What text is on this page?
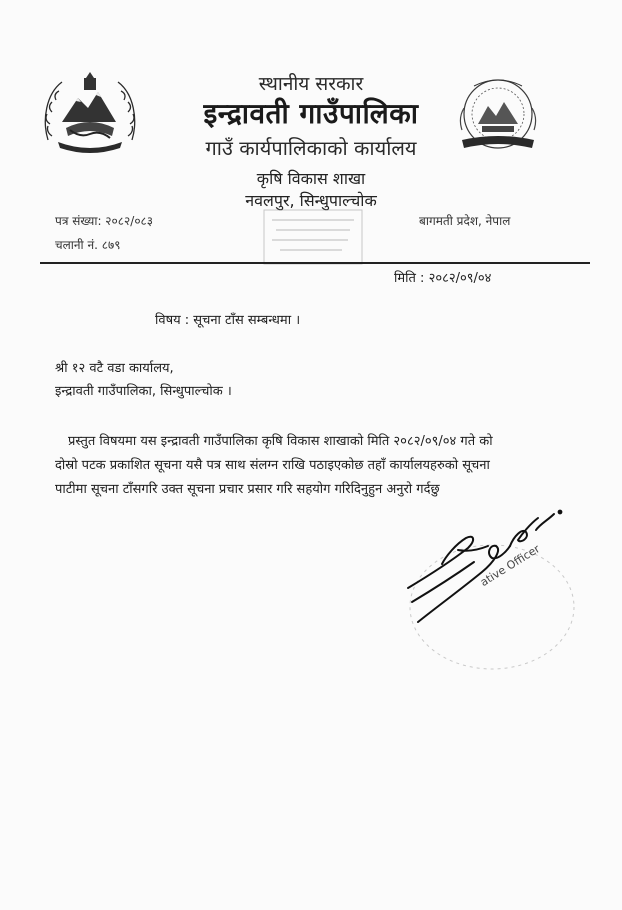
स्थानीय सरकार
इन्द्रावती गाउँपालिका
गाउँ कार्यपालिकाको कार्यालय
कृषि विकास शाखा
नवलपुर, सिन्धुपाल्चोक
पत्र संख्या: २०८२/०८३
चलानी नं. ८७९
बागमती प्रदेश, नेपाल
मिति : २०८२/०९/०४
विषय : सूचना टाँस सम्बन्धमा ।
श्री १२ वटै वडा कार्यालय,
इन्द्रावती गाउँपालिका, सिन्धुपाल्चोक ।
प्रस्तुत विषयमा यस इन्द्रावती गाउँपालिका कृषि विकास शाखाको मिति २०८२/०९/०४ गते को
दोस्रो पटक प्रकाशित सूचना यसै पत्र साथ संलग्न राखि पठाइएकोछ तहाँ कार्यालयहरुको सूचना
पाटीमा सूचना टाँसगरि उक्त सूचना प्रचार प्रसार गरि सहयोग गरिदिनुहुन अनुरो गर्दछु
ative Officer
